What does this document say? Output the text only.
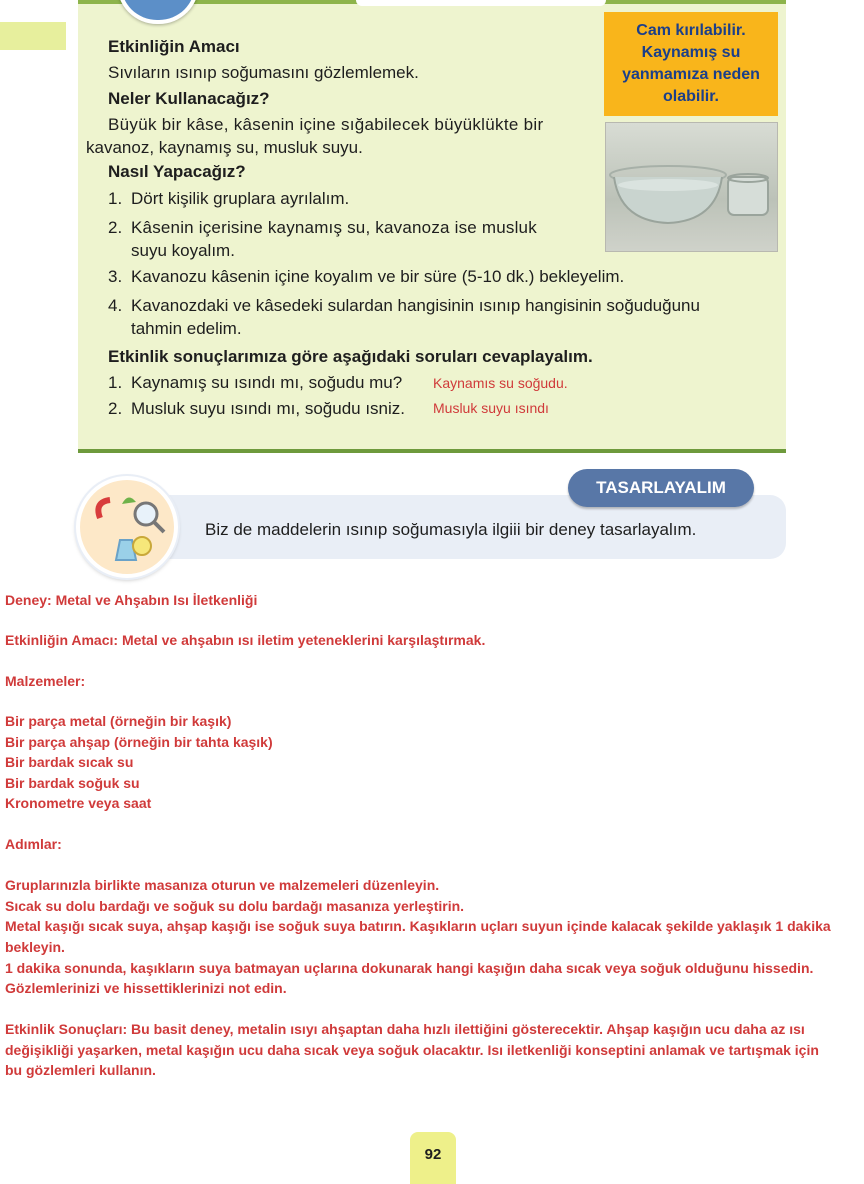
Etkinliğin Amacı
Sıvıların ısınıp soğumasını gözlemlemek.
Neler Kullanacağız?
Büyük bir kâse, kâsenin içine sığabilecek büyüklükte bir
kavanoz, kaynamış su, musluk suyu.
Nasıl Yapacağız?
1. Dört kişilik gruplara ayrılalım.
2. Kâsenin içerisine kaynamış su, kavanoza ise musluk
suyu koyalım.
3. Kavanozu kâsenin içine koyalım ve bir süre (5-10 dk.) bekleyelim.
4. Kavanozdaki ve kâsedeki sulardan hangisinin ısınıp hangisinin soğuduğunu
tahmin edelim.
Etkinlik sonuçlarımıza göre aşağıdaki soruları cevaplayalım.
1. Kaynamış su ısındı mı, soğudu mu? Kaynamıs su soğudu.
2. Musluk suyu ısındı mı, soğudu ısniz. Musluk suyu ısındı
Cam kırılabilir.
Kaynamış su
yanmamıza neden
olabilir.
TASARLAYALIM
Biz de maddelerin ısınıp soğumasıyla ilgiii bir deney tasarlayalım.
Deney: Metal ve Ahşabın Isı İletkenliği
Etkinliğin Amacı: Metal ve ahşabın ısı iletim yeteneklerini karşılaştırmak.
Malzemeler:
Bir parça metal (örneğin bir kaşık)
Bir parça ahşap (örneğin bir tahta kaşık)
Bir bardak sıcak su
Bir bardak soğuk su
Kronometre veya saat
Adımlar:
Gruplarınızla birlikte masanıza oturun ve malzemeleri düzenleyin.
Sıcak su dolu bardağı ve soğuk su dolu bardağı masanıza yerleştirin.
Metal kaşığı sıcak suya, ahşap kaşığı ise soğuk suya batırın. Kaşıkların uçları suyun içinde kalacak şekilde yaklaşık 1 dakika
bekleyin.
1 dakika sonunda, kaşıkların suya batmayan uçlarına dokunarak hangi kaşığın daha sıcak veya soğuk olduğunu hissedin.
Gözlemlerinizi ve hissettiklerinizi not edin.
Etkinlik Sonuçları: Bu basit deney, metalin ısıyı ahşaptan daha hızlı ilettiğini gösterecektir. Ahşap kaşığın ucu daha az ısı
değişikliği yaşarken, metal kaşığın ucu daha sıcak veya soğuk olacaktır. Isı iletkenliği konseptini anlamak ve tartışmak için
bu gözlemleri kullanın.
92
